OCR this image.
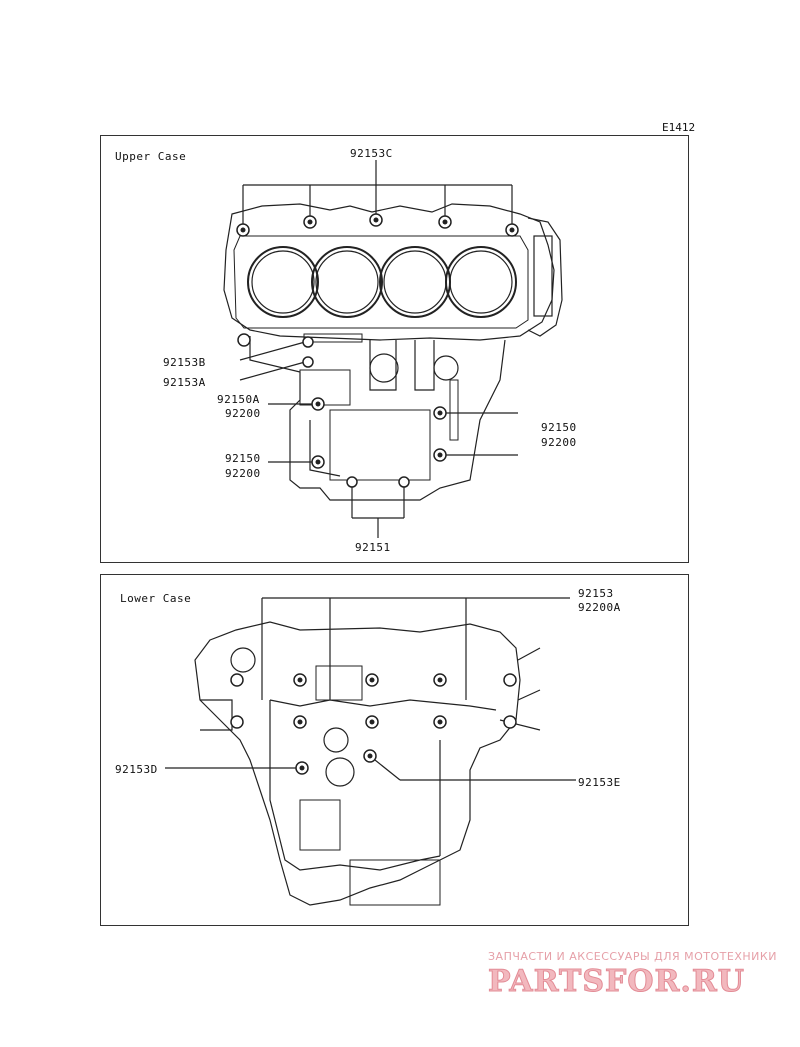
E1412
Upper Case
Lower Case
92153C
92153B
92153A
92150A
92200
92150
92200
92150
92200
92151
92153
92200A
92153D
92153E
ЗАПЧАСТИ И АКСЕССУАРЫ ДЛЯ МОТОТЕХНИКИ
PARTSFOR.RU
